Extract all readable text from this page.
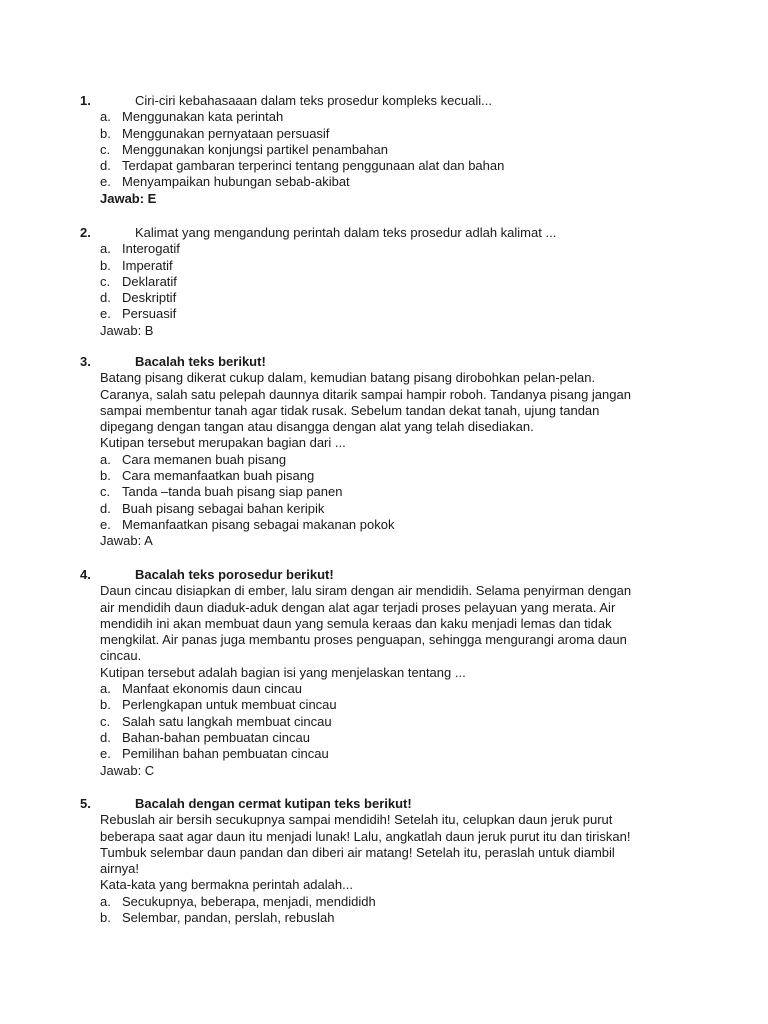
1.	Ciri-ciri kebahasaaan dalam teks prosedur kompleks kecuali...
a. Menggunakan kata perintah
b. Menggunakan pernyataan persuasif
c. Menggunakan konjungsi partikel penambahan
d. Terdapat gambaran terperinci tentang penggunaan alat dan bahan
e. Menyampaikan hubungan sebab-akibat
Jawab: E
2.	Kalimat yang mengandung perintah dalam teks prosedur adlah kalimat ...
a. Interogatif
b. Imperatif
c. Deklaratif
d. Deskriptif
e. Persuasif
Jawab: B
3.	Bacalah teks berikut!
Batang pisang dikerat cukup dalam, kemudian batang pisang dirobohkan pelan-pelan.
Caranya, salah satu pelepah daunnya ditarik sampai hampir roboh. Tandanya pisang jangan
sampai membentur tanah agar tidak rusak. Sebelum tandan dekat tanah, ujung tandan
dipegang dengan tangan atau disangga dengan alat yang telah disediakan.
Kutipan tersebut merupakan bagian dari ...
a. Cara memanen buah pisang
b. Cara memanfaatkan buah pisang
c. Tanda –tanda buah pisang siap panen
d. Buah pisang sebagai bahan keripik
e. Memanfaatkan pisang sebagai makanan pokok
Jawab: A
4.	Bacalah teks porosedur berikut!
Daun cincau disiapkan di ember, lalu siram dengan air mendidih. Selama penyirman dengan
air mendidih daun diaduk-aduk dengan alat agar terjadi proses pelayuan yang merata. Air
mendidih ini akan membuat daun yang semula keraas dan kaku menjadi lemas dan tidak
mengkilat. Air panas juga membantu proses penguapan, sehingga mengurangi aroma daun
cincau.
Kutipan tersebut adalah bagian isi yang menjelaskan tentang ...
a. Manfaat ekonomis daun cincau
b. Perlengkapan untuk membuat cincau
c. Salah satu langkah membuat cincau
d. Bahan-bahan pembuatan cincau
e. Pemilihan bahan pembuatan cincau
Jawab: C
5.	Bacalah dengan cermat kutipan teks berikut!
Rebuslah air bersih secukupnya sampai mendidih! Setelah itu, celupkan daun jeruk purut
beberapa saat agar daun itu menjadi lunak! Lalu, angkatlah daun jeruk purut itu dan tiriskan!
Tumbuk selembar daun pandan dan diberi air matang! Setelah itu, peraslah untuk diambil
airnya!
Kata-kata yang bermakna perintah adalah...
a. Secukupnya, beberapa, menjadi, mendididh
b. Selembar, pandan, perslah, rebuslah
